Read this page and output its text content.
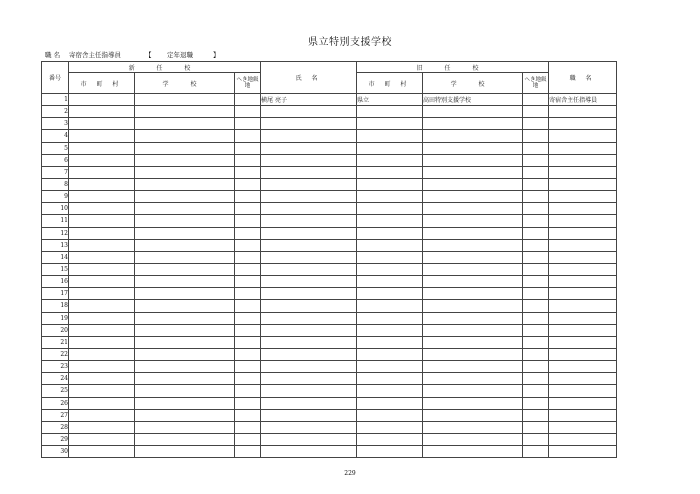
県立特別支援学校
職 名 寄宿舎主任指導員	【 定年退職	】
番号	新 任 校			氏 名	旧 任 校			職 名
	市 町 村	学 校	へき地級 地		市 町 村	学 校	へき地級 地	
1				横尾 亮子	県立	高田特別支援学校		寄宿舎主任指導員
2								
3								
4								
5								
6								
7								
8								
9								
10								
11								
12								
13								
14								
15								
16								
17								
18								
19								
20								
21								
22								
23								
24								
25								
26								
27								
28								
29								
30								
229
